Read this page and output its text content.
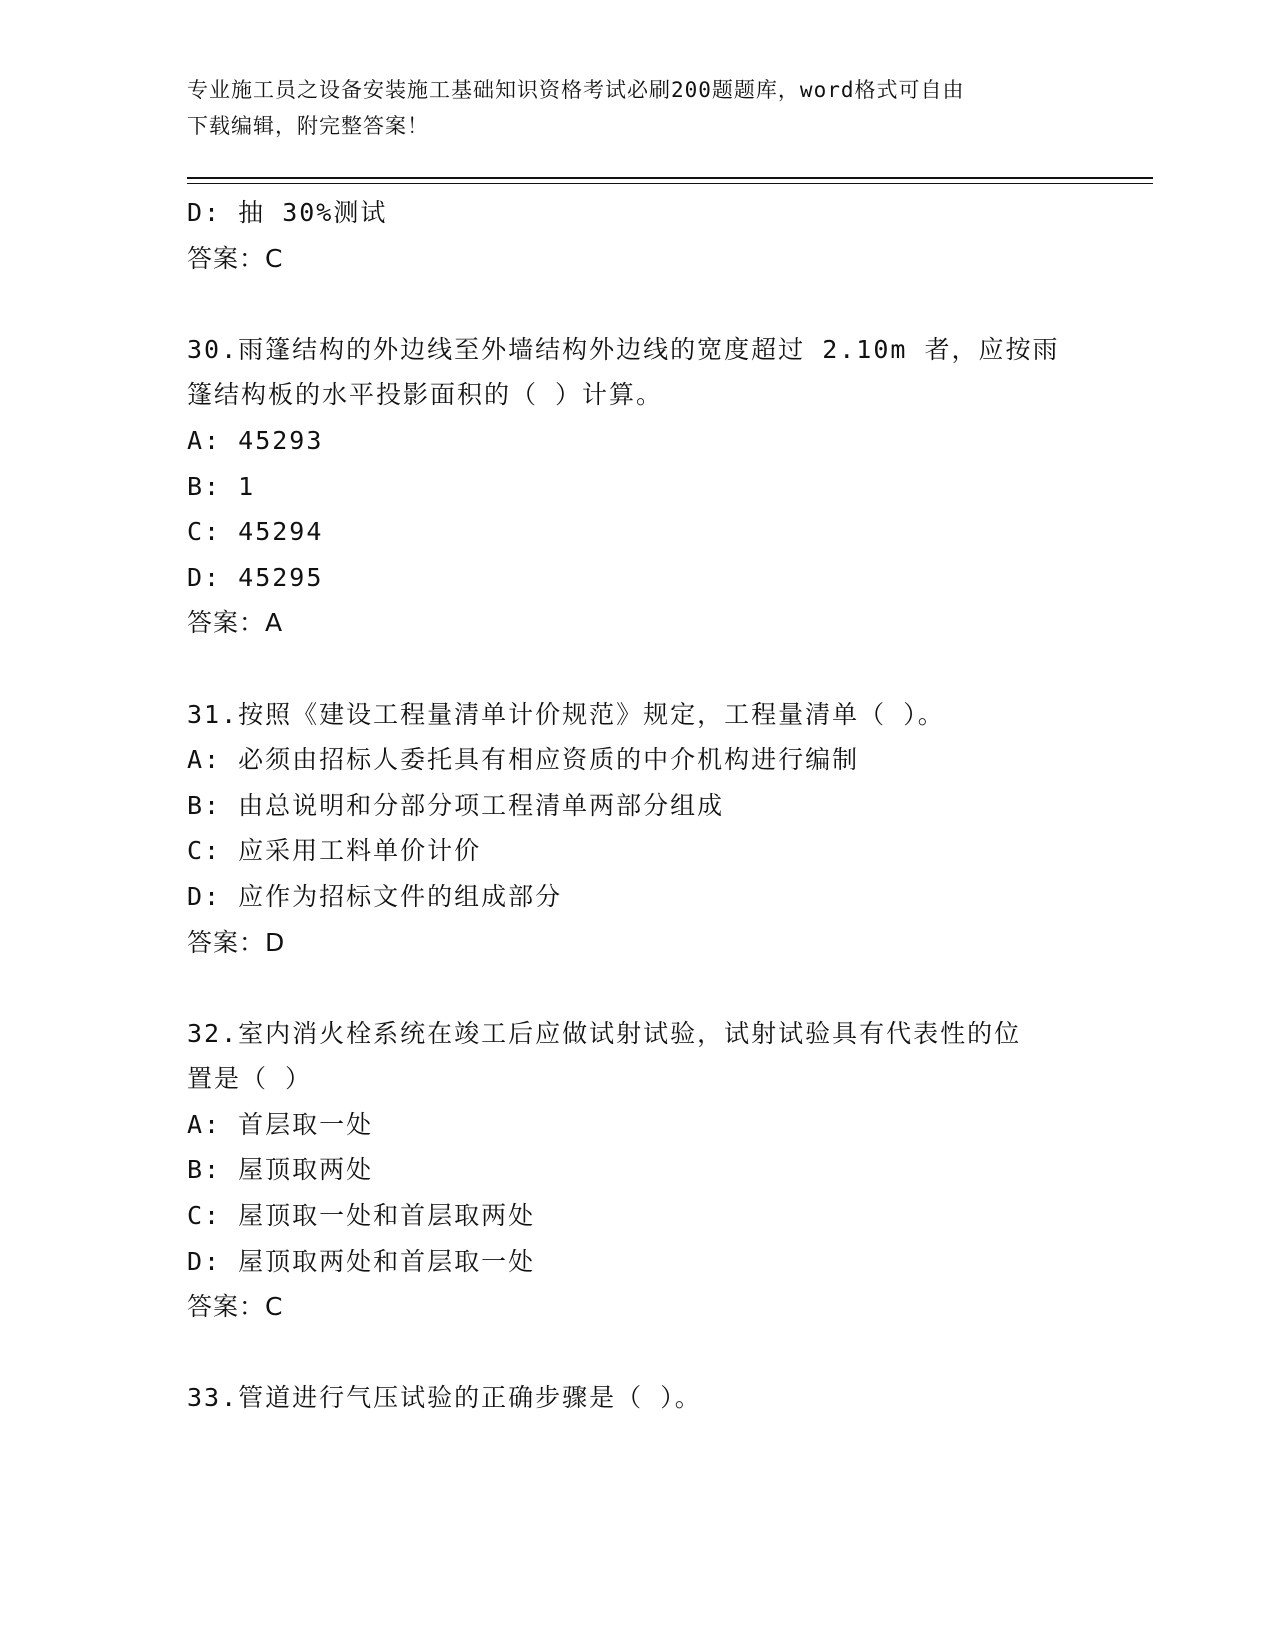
专业施工员之设备安装施工基础知识资格考试必刷200题题库，word格式可自由
下载编辑，附完整答案！
D: 抽 30%测试
答案：C
30.雨篷结构的外边线至外墙结构外边线的宽度超过 2.10m 者，应按雨
篷结构板的水平投影面积的（ ）计算。
A: 45293
B: 1
C: 45294
D: 45295
答案：A
31.按照《建设工程量清单计价规范》规定，工程量清单（ ）。
A: 必须由招标人委托具有相应资质的中介机构进行编制
B: 由总说明和分部分项工程清单两部分组成
C: 应采用工料单价计价
D: 应作为招标文件的组成部分
答案：D
32.室内消火栓系统在竣工后应做试射试验，试射试验具有代表性的位
置是（ ）
A: 首层取一处
B: 屋顶取两处
C: 屋顶取一处和首层取两处
D: 屋顶取两处和首层取一处
答案：C
33.管道进行气压试验的正确步骤是（ ）。
